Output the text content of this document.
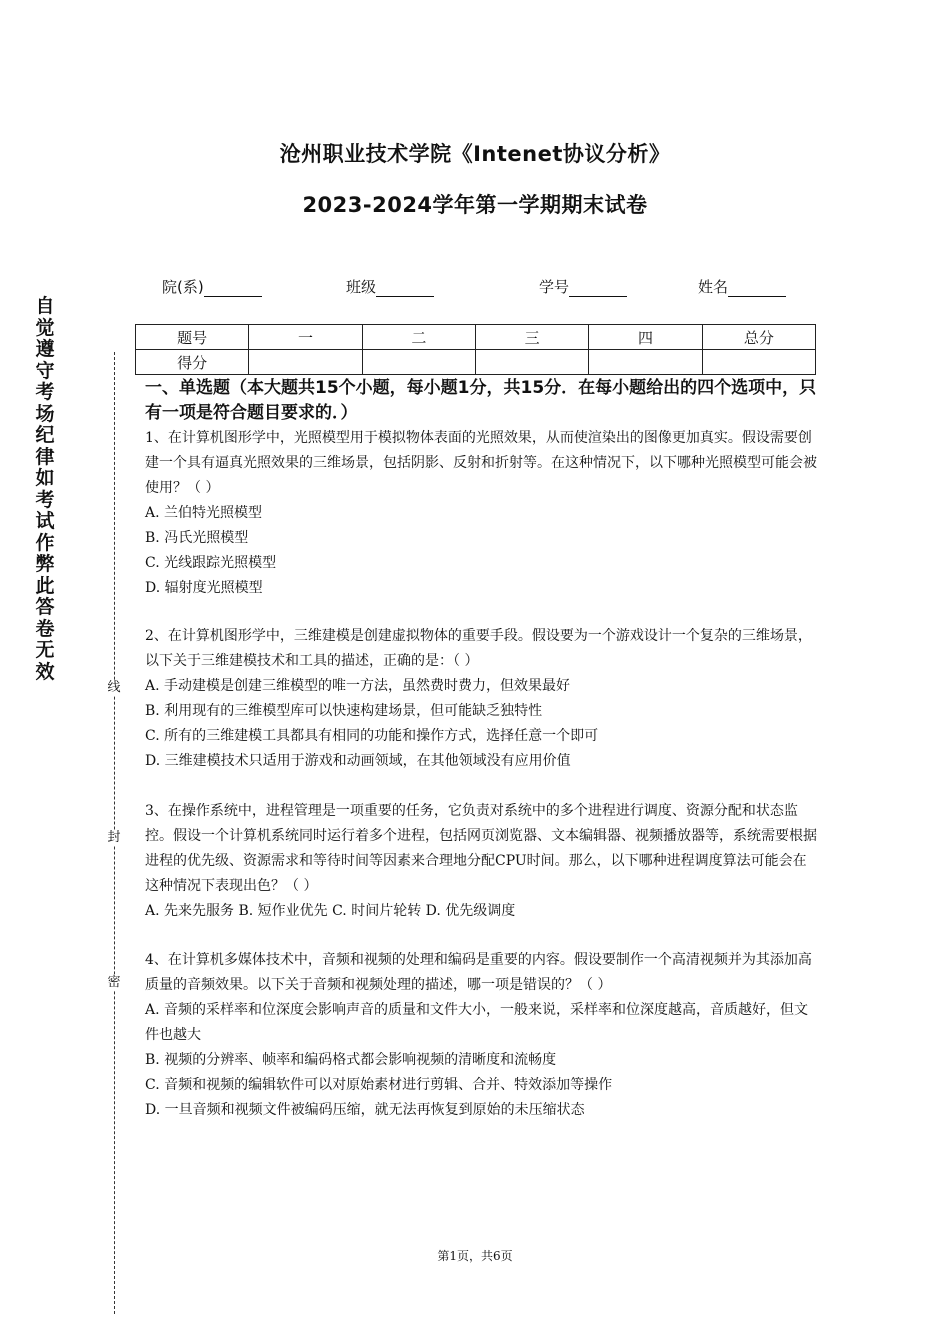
沧州职业技术学院《Intenet协议分析》
2023-2024学年第一学期期末试卷
院(系)	班级	学号	姓名
题号	一	二	三	四	总分
得分					
一、单选题（本大题共15个小题，每小题1分，共15分．在每小题给出的四个选项中，只有一项是符合题目要求的．）
1、在计算机图形学中，光照模型用于模拟物体表面的光照效果，从而使渲染出的图像更加真实。假设需要创建一个具有逼真光照效果的三维场景，包括阴影、反射和折射等。在这种情况下，以下哪种光照模型可能会被使用？（ ）
A. 兰伯特光照模型
B. 冯氏光照模型
C. 光线跟踪光照模型
D. 辐射度光照模型
2、在计算机图形学中，三维建模是创建虚拟物体的重要手段。假设要为一个游戏设计一个复杂的三维场景，以下关于三维建模技术和工具的描述，正确的是：（ ）
A. 手动建模是创建三维模型的唯一方法，虽然费时费力，但效果最好
B. 利用现有的三维模型库可以快速构建场景，但可能缺乏独特性
C. 所有的三维建模工具都具有相同的功能和操作方式，选择任意一个即可
D. 三维建模技术只适用于游戏和动画领域，在其他领域没有应用价值
3、在操作系统中，进程管理是一项重要的任务，它负责对系统中的多个进程进行调度、资源分配和状态监控。假设一个计算机系统同时运行着多个进程，包括网页浏览器、文本编辑器、视频播放器等，系统需要根据进程的优先级、资源需求和等待时间等因素来合理地分配CPU时间。那么，以下哪种进程调度算法可能会在这种情况下表现出色？（ ）
A. 先来先服务 B. 短作业优先 C. 时间片轮转 D. 优先级调度
4、在计算机多媒体技术中，音频和视频的处理和编码是重要的内容。假设要制作一个高清视频并为其添加高质量的音频效果。以下关于音频和视频处理的描述，哪一项是错误的？（ ）
A. 音频的采样率和位深度会影响声音的质量和文件大小，一般来说，采样率和位深度越高，音质越好，但文件也越大
B. 视频的分辨率、帧率和编码格式都会影响视频的清晰度和流畅度
C. 音频和视频的编辑软件可以对原始素材进行剪辑、合并、特效添加等操作
D. 一旦音频和视频文件被编码压缩，就无法再恢复到原始的未压缩状态
自觉遵守考场纪律如考试作弊此答卷无效
线
封
密
第1页，共6页
